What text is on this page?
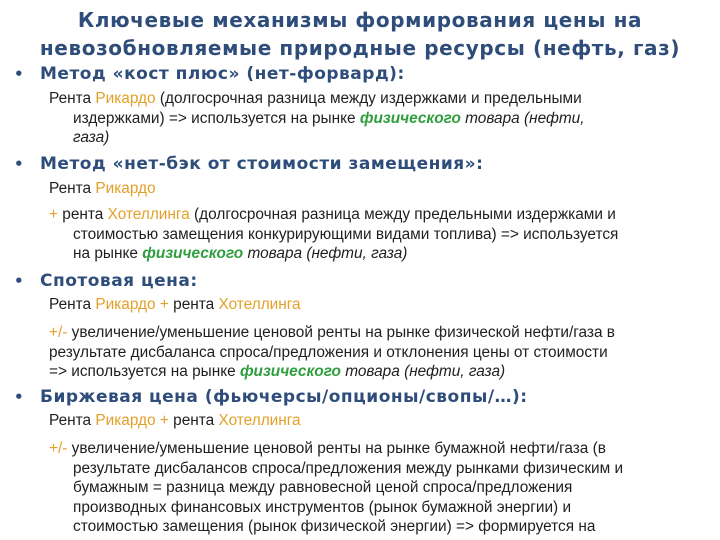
Ключевые механизмы формирования цены на
невозобновляемые природные ресурсы (нефть, газ)
• Метод «кост плюс» (нет-форвард):
Рента Рикардо (долгосрочная разница между издержками и предельными
издержками) => используется на рынке физического товара (нефти,
газа)
• Метод «нет-бэк от стоимости замещения»:
Рента Рикардо
+ рента Хотеллинга (долгосрочная разница между предельными издержками и
стоимостью замещения конкурирующими видами топлива) => используется
на рынке физического товара (нефти, газа)
• Спотовая цена:
Рента Рикардо + рента Хотеллинга
+/- увеличение/уменьшение ценовой ренты на рынке физической нефти/газа в
результате дисбаланса спроса/предложения и отклонения цены от стоимости
=> используется на рынке физического товара (нефти, газа)
• Биржевая цена (фьючерсы/опционы/свопы/…):
Рента Рикардо + рента Хотеллинга
+/- увеличение/уменьшение ценовой ренты на рынке бумажной нефти/газа (в
результате дисбалансов спроса/предложения между рынками физическим и
бумажным = разница между равновесной ценой спроса/предложения
производных финансовых инструментов (рынок бумажной энергии) и
стоимостью замещения (рынок физической энергии) => формируется на
